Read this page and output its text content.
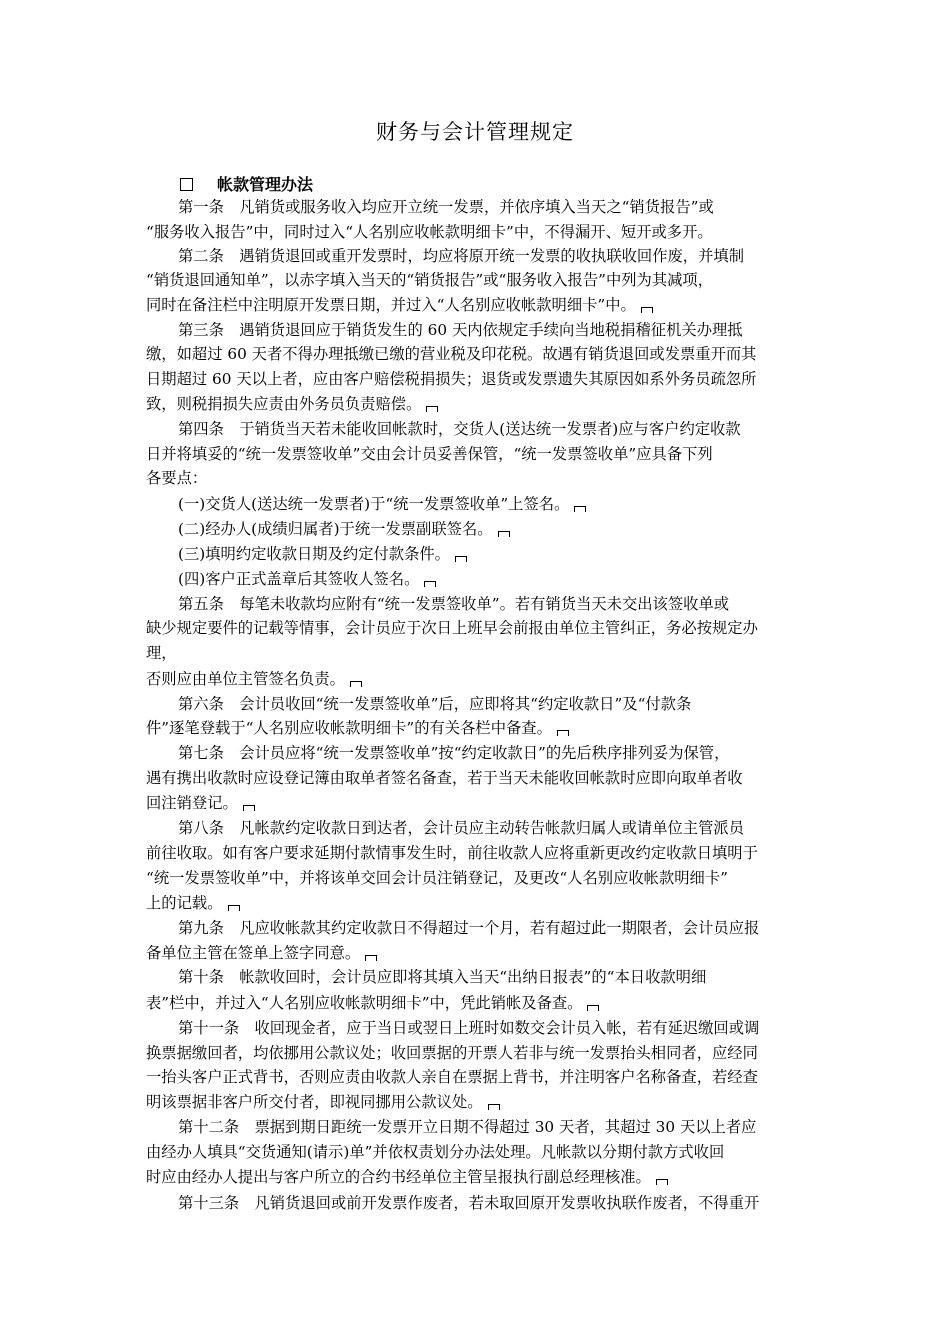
财务与会计管理规定
帐款管理办法
第一条　凡销货或服务收入均应开立统一发票，并依序填入当天之“销货报告”或
“服务收入报告”中，同时过入“人名别应收帐款明细卡”中，不得漏开、短开或多开。
第二条　遇销货退回或重开发票时，均应将原开统一发票的收执联收回作废，并填制
“销货退回通知单”，以赤字填入当天的“销货报告”或“服务收入报告”中列为其减项，
同时在备注栏中注明原开发票日期，并过入“人名别应收帐款明细卡”中。
第三条　遇销货退回应于销货发生的 60 天内依规定手续向当地税捐稽征机关办理抵
缴，如超过 60 天者不得办理抵缴已缴的营业税及印花税。故遇有销货退回或发票重开而其
日期超过 60 天以上者，应由客户赔偿税捐损失；退货或发票遗失其原因如系外务员疏忽所
致，则税捐损失应责由外务员负责赔偿。
第四条　于销货当天若未能收回帐款时，交货人(送达统一发票者)应与客户约定收款
日并将填妥的“统一发票签收单”交由会计员妥善保管，“统一发票签收单”应具备下列
各要点：
(一)交货人(送达统一发票者)于“统一发票签收单”上签名。
(二)经办人(成绩归属者)于统一发票副联签名。
(三)填明约定收款日期及约定付款条件。
(四)客户正式盖章后其签收人签名。
第五条　每笔未收款均应附有“统一发票签收单”。若有销货当天未交出该签收单或
缺少规定要件的记载等情事，会计员应于次日上班早会前报由单位主管纠正，务必按规定办
理，
否则应由单位主管签名负责。
第六条　会计员收回“统一发票签收单”后，应即将其“约定收款日”及“付款条
件”逐笔登载于“人名别应收帐款明细卡”的有关各栏中备查。
第七条　会计员应将“统一发票签收单”按“约定收款日”的先后秩序排列妥为保管，
遇有携出收款时应设登记簿由取单者签名备查，若于当天未能收回帐款时应即向取单者收
回注销登记。
第八条　凡帐款约定收款日到达者，会计员应主动转告帐款归属人或请单位主管派员
前往收取。如有客户要求延期付款情事发生时，前往收款人应将重新更改约定收款日填明于
“统一发票签收单”中，并将该单交回会计员注销登记，及更改“人名别应收帐款明细卡”
上的记载。
第九条　凡应收帐款其约定收款日不得超过一个月，若有超过此一期限者，会计员应报
备单位主管在签单上签字同意。
第十条　帐款收回时，会计员应即将其填入当天“出纳日报表”的“本日收款明细
表”栏中，并过入“人名别应收帐款明细卡”中，凭此销帐及备查。
第十一条　收回现金者，应于当日或翌日上班时如数交会计员入帐，若有延迟缴回或调
换票据缴回者，均依挪用公款议处；收回票据的开票人若非与统一发票抬头相同者，应经同
一抬头客户正式背书，否则应责由收款人亲自在票据上背书，并注明客户名称备查，若经查
明该票据非客户所交付者，即视同挪用公款议处。
第十二条　票据到期日距统一发票开立日期不得超过 30 天者，其超过 30 天以上者应
由经办人填具“交货通知(请示)单”并依权责划分办法处理。凡帐款以分期付款方式收回
时应由经办人提出与客户所立的合约书经单位主管呈报执行副总经理核准。
第十三条　凡销货退回或前开发票作废者，若未取回原开发票收执联作废者，不得重开
